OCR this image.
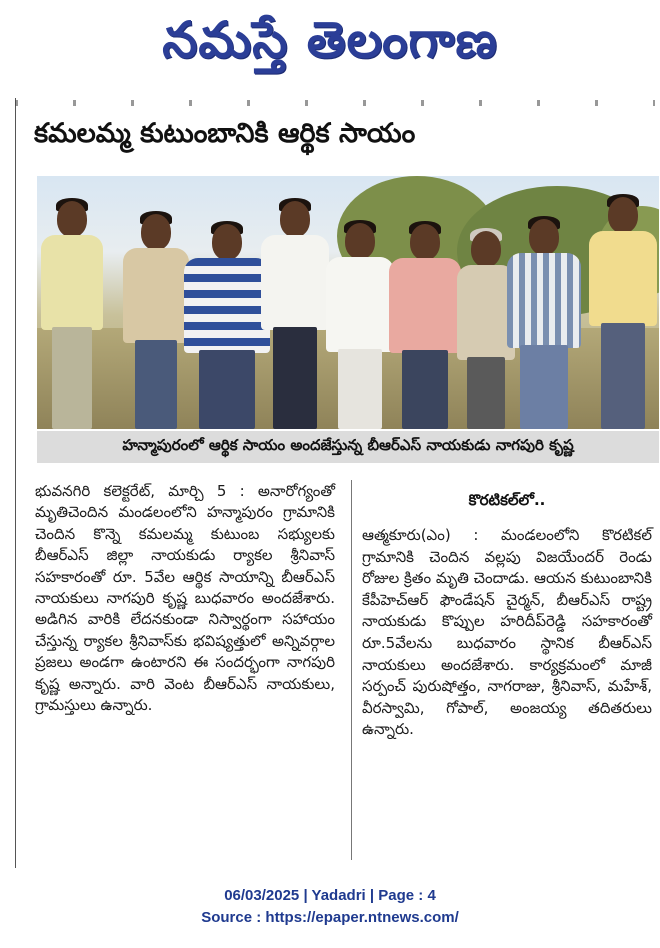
నమస్తే తెలంగాణ
కమలమ్మ కుటుంబానికి ఆర్థిక సాయం
హన్మాపురంలో ఆర్థిక సాయం అందజేస్తున్న బీఆర్ఎస్ నాయకుడు నాగపురి కృష్ణ

భువనగిరి కలెక్టరేట్, మార్చి 5 : అనారోగ్యంతో మృతిచెందిన మండలంలోని హన్మాపురం గ్రామానికి చెందిన కొన్నె కమలమ్మ కుటుంబ సభ్యులకు బీఆర్ఎస్ జిల్లా నాయకుడు ర్యాకల శ్రీనివాస్ సహకారంతో రూ. 5వేల ఆర్థిక సాయాన్ని బీఆర్ఎస్ నాయకులు నాగపురి కృష్ణ బుధవారం అందజేశారు. అడిగిన వారికి లేదనకుండా నిస్వార్థంగా సహాయం చేస్తున్న ర్యాకల శ్రీనివాస్‌కు భవిష్యత్తులో అన్నివర్గాల ప్రజలు అండగా ఉంటారని ఈ సందర్భంగా నాగపురి కృష్ణ అన్నారు. వారి వెంట బీఆర్ఎస్ నాయకులు, గ్రామస్తులు ఉన్నారు.

కొరటికల్‌లో..

ఆత్మకూరు(ఎం) : మండలంలోని కొరటికల్ గ్రామానికి చెందిన వల్లపు విజయేందర్ రెండు రోజుల క్రితం మృతి చెందాడు. ఆయన కుటుంబానికి కేపీహెచ్ఆర్ ఫౌండేషన్ చైర్మన్, బీఆర్ఎస్ రాష్ట్ర నాయకుడు కొప్పుల హరిదీప్‌రెడ్డి సహకారంతో రూ.5వేలను బుధవారం స్థానిక బీఆర్ఎస్ నాయకులు అందజేశారు. కార్యక్రమంలో మాజీ సర్పంచ్ పురుషోత్తం, నాగరాజు, శ్రీనివాస్, మహేశ్, వీరస్వామి, గోపాల్, అంజయ్య తదితరులు ఉన్నారు.

06/03/2025 | Yadadri | Page : 4
Source : https://epaper.ntnews.com/
